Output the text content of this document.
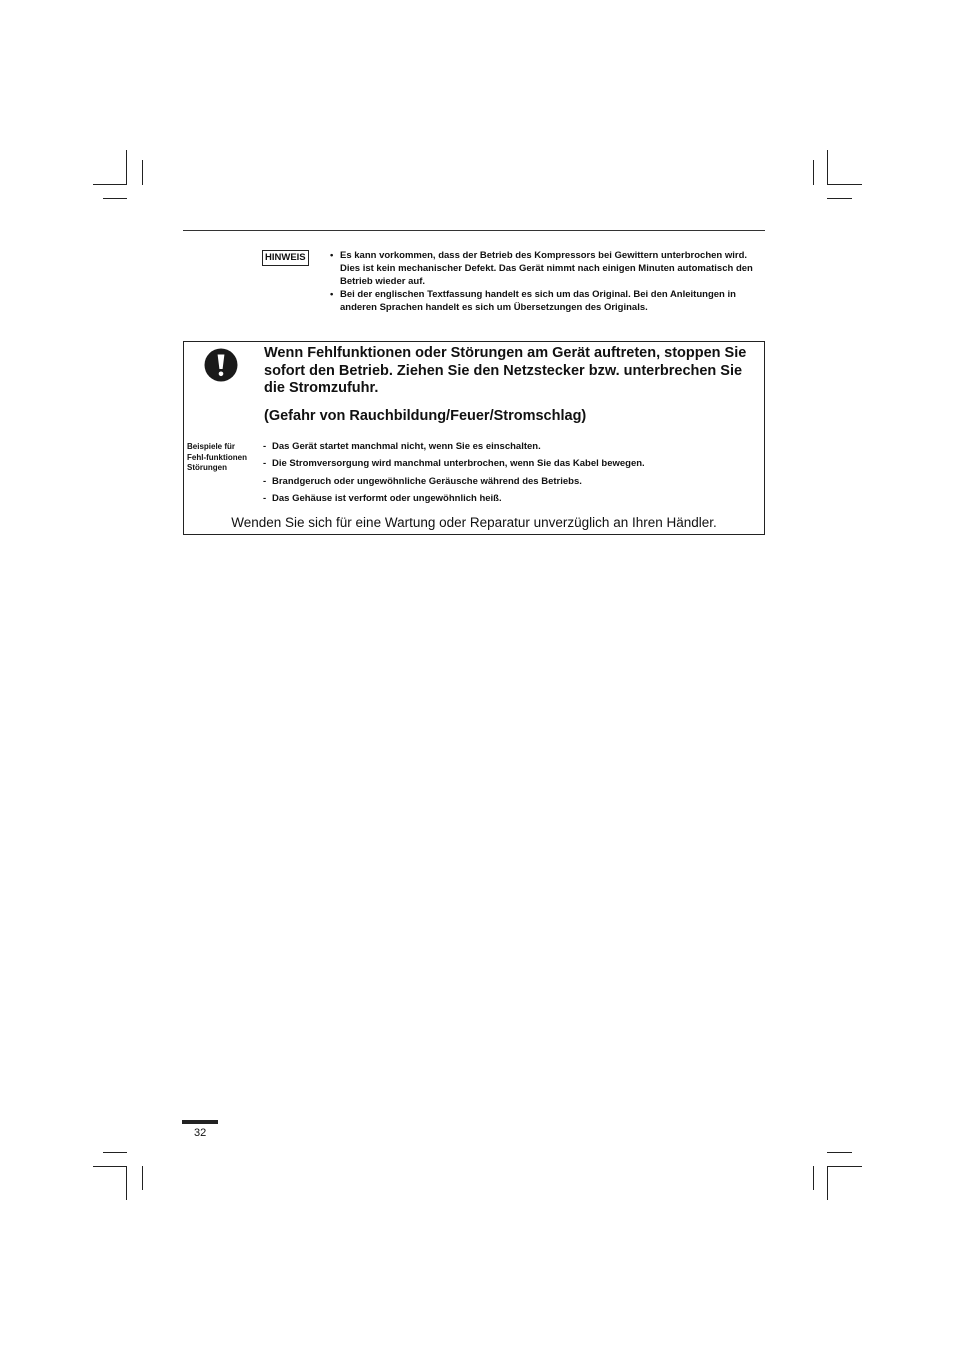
HINWEIS
•	Es kann vorkommen, dass der Betrieb des Kompressors bei Gewittern unterbrochen wird. Dies ist kein mechanischer Defekt. Das Gerät nimmt nach einigen Minuten automatisch den Betrieb wieder auf.
• Bei der englischen Textfassung handelt es sich um das Original. Bei den Anleitungen in anderen Sprachen handelt es sich um Übersetzungen des Originals.

Wenn Fehlfunktionen oder Störungen am Gerät auftreten, stoppen Sie sofort den Betrieb. Ziehen Sie den Netzstecker bzw. unterbrechen Sie die Stromzufuhr.

(Gefahr von Rauchbildung/Feuer/Stromschlag)

Beispiele für
Fehl-funktionen
Störungen
- Das Gerät startet manchmal nicht, wenn Sie es einschalten.
- Die Stromversorgung wird manchmal unterbrochen, wenn Sie das Kabel bewegen.
- Brandgeruch oder ungewöhnliche Geräusche während des Betriebs.
- Das Gehäuse ist verformt oder ungewöhnlich heiß.
Wenden Sie sich für eine Wartung oder Reparatur unverzüglich an Ihren Händler.
32
